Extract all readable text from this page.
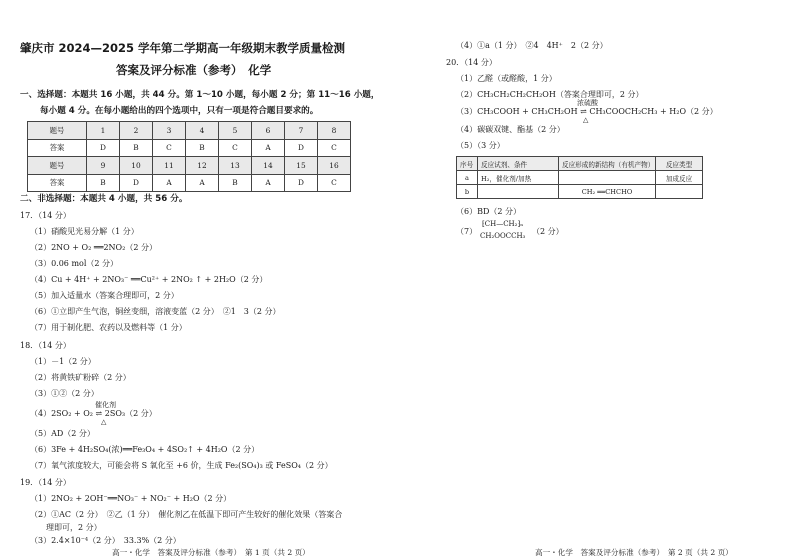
肇庆市 2024—2025 学年第二学期高一年级期末教学质量检测
答案及评分标准（参考）　化学
一、选择题：本题共 16 小题，共 44 分。第 1～10 小题，每小题 2 分；第 11～16 小题，
每小题 4 分。在每小题给出的四个选项中，只有一项是符合题目要求的。
题号	1	2	3	4	5	6	7	8
答案	D	B	C	B	C	A	D	C
题号	9	10	11	12	13	14	15	16
答案	B	D	A	A	B	A	D	C
二、非选择题：本题共 4 小题，共 56 分。
17．（14 分）
（1）硝酸见光易分解（1 分）
（2）2NO + O₂ ══2NO₂（2 分）
（3）0.06 mol（2 分）
（4）Cu + 4H⁺ + 2NO₃⁻ ══Cu²⁺ + 2NO₂ ↑ + 2H₂O（2 分）
（5）加入适量水（答案合理即可，2 分）
（6）①立即产生气泡，铜丝变细，溶液变蓝（2 分）　②1　3（2 分）
（7）用于制化肥、农药以及燃料等（1 分）
18．（14 分）
（1）－1（2 分）
（2）将黄铁矿粉碎（2 分）
（3）①②（2 分）
催化剂
（4）2SO₂ + O₂ ⇌ 2SO₃（2 分）
△
（5）AD（2 分）
（6）3Fe + 4H₂SO₄(浓)══Fe₃O₄ + 4SO₂↑ + 4H₂O（2 分）
（7）氧气浓度较大，可能会将 S 氧化至 +6 价，生成 Fe₂(SO₄)₃ 或 FeSO₄（2 分）
19．（14 分）
（1）2NO₂ + 2OH⁻══NO₃⁻ + NO₂⁻ + H₂O（2 分）
（2）①AC（2 分）　②乙（1 分）　催化剂乙在低温下即可产生较好的催化效果（答案合
　　理即可，2 分）
（3）2.4×10⁻⁴（2 分）　33.3%（2 分）
高一・化学　答案及评分标准（参考）　第 1 页（共 2 页）
（4）①a（1 分）　②4　4H⁺　2（2 分）
20．（14 分）
（1）乙醛（或醛酸，1 分）
（2）CH₃CH₂CH₂CH₂OH（答案合理即可，2 分）
浓硫酸
（3）CH₃COOH + CH₃CH₂OH ⇌ CH₃COOCH₂CH₃ + H₂O（2 分）
△
（4）碳碳双键、酯基（2 分）
（5）（3 分）
序号	反应试剂、条件	反应形成的新结构（有机产物）	反应类型
a	H₂，催化剂/加热		加成反应
b		CH₂ ══CHCHO	
（6）BD（2 分）
（7）
⁅CH—CH₂⁆ₙ
CH₂OOCCH₃ （2 分）
高一・化学　答案及评分标准（参考）　第 2 页（共 2 页）
